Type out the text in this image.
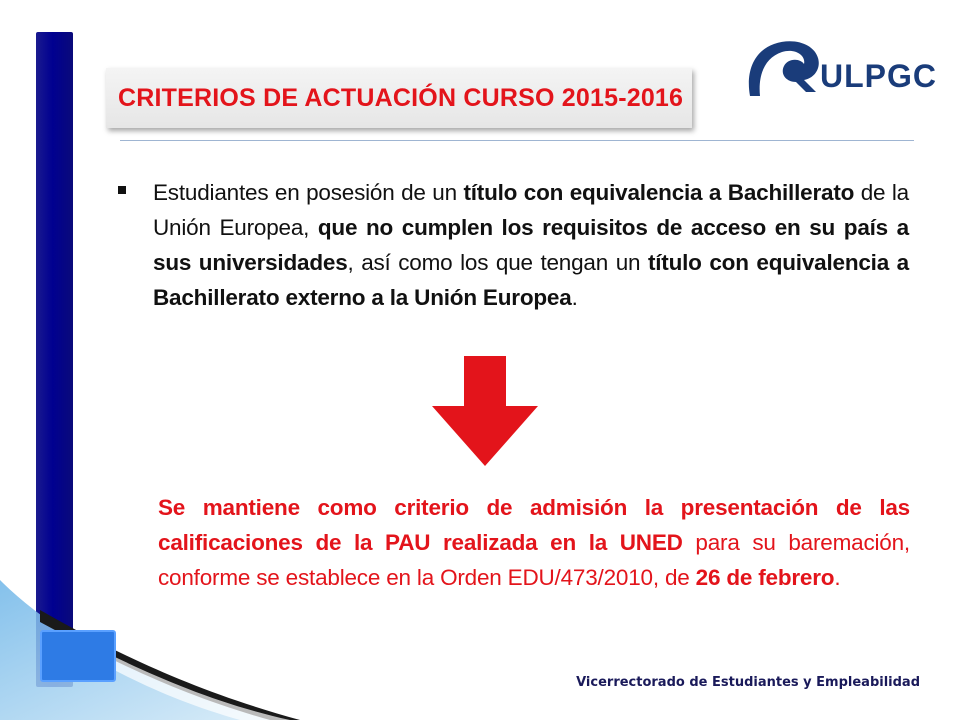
CRITERIOS DE ACTUACIÓN CURSO 2015-2016
ULPGC
Estudiantes en posesión de un título con equivalencia a Bachillerato de la Unión Europea, que no cumplen los requisitos de acceso en su país a sus universidades, así como los que tengan un título con equivalencia a Bachillerato externo a la Unión Europea.
Se mantiene como criterio de admisión la presentación de las calificaciones de la PAU realizada en la UNED para su baremación, conforme se establece en la Orden EDU/473/2010, de 26 de febrero.
Vicerrectorado de Estudiantes y Empleabilidad
